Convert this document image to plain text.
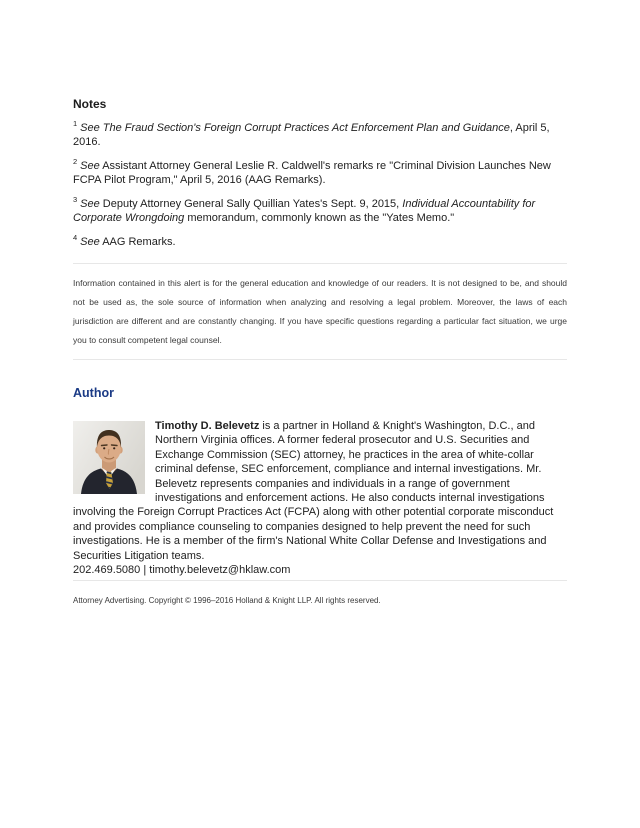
Notes

$^1$ See The Fraud Section's Foreign Corrupt Practices Act Enforcement Plan and Guidance, April 5, 2016.

$^2$ See Assistant Attorney General Leslie R. Caldwell's remarks re "Criminal Division Launches New FCPA Pilot Program," April 5, 2016 (AAG Remarks).

$^3$ See Deputy Attorney General Sally Quillian Yates's Sept. 9, 2015, Individual Accountability for Corporate Wrongdoing memorandum, commonly known as the "Yates Memo."

$^4$ See AAG Remarks.

Information contained in this alert is for the general education and knowledge of our readers. It is not designed to be, and should not be used as, the sole source of information when analyzing and resolving a legal problem. Moreover, the laws of each jurisdiction are different and are constantly changing. If you have specific questions regarding a particular fact situation, we urge you to consult competent legal counsel.

Author
Timothy D. Belevetz is a partner in Holland & Knight's Washington, D.C., and Northern Virginia offices. A former federal prosecutor and U.S. Securities and Exchange Commission (SEC) attorney, he practices in the area of white-collar criminal defense, SEC enforcement, compliance and internal investigations. Mr. Belevetz represents companies and individuals in a range of government investigations and enforcement actions. He also conducts internal investigations involving the Foreign Corrupt Practices Act (FCPA) along with other potential corporate misconduct and provides compliance counseling to companies designed to help prevent the need for such investigations. He is a member of the firm's National White Collar Defense and Investigations and Securities Litigation teams.
202.469.5080 | timothy.belevetz@hklaw.com

Attorney Advertising. Copyright © 1996–2016 Holland & Knight LLP. All rights reserved.
